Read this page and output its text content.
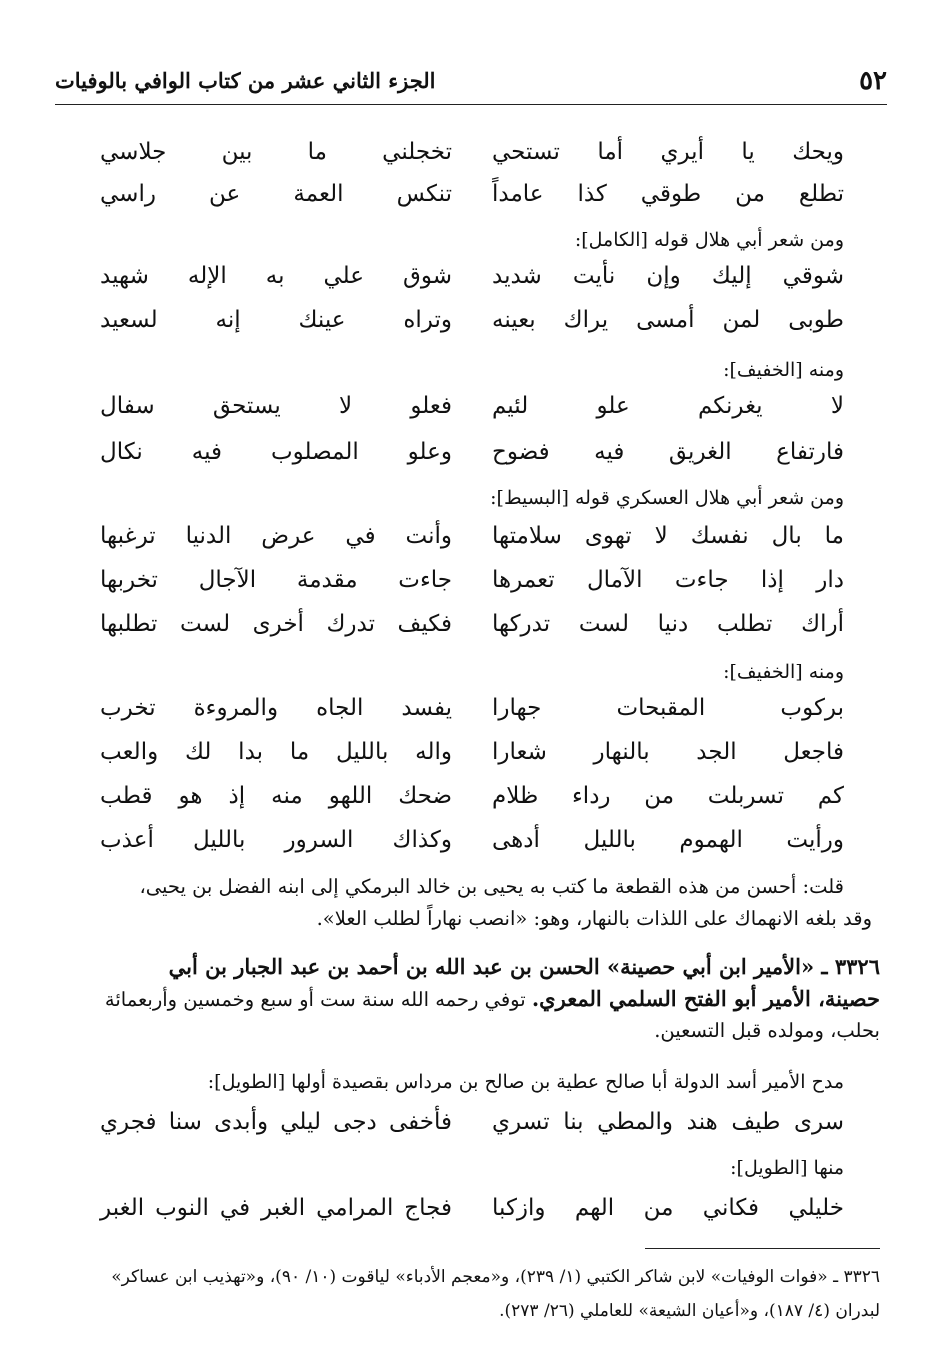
٥٢
الجزء الثاني عشر من كتاب الوافي بالوفيات
ويحك يا أيري أما تستحي
تخجلني ما بين جلاسي
تطلع من طوقي كذا عامداً
تنكس العمة عن راسي
ومن شعر أبي هلال قوله [الكامل]:
شوقي إليك وإن نأيت شديد
شوق علي به الإله شهيد
طوبى لمن أمسى يراك بعينه
وتراه عينك إنه لسعيد
ومنه [الخفيف]:
لا يغرنكم علو لئيم
فعلو لا يستحق سفال
فارتفاع الغريق فيه فضوح
وعلو المصلوب فيه نكال
ومن شعر أبي هلال العسكري قوله [البسيط]:
ما بال نفسك لا تهوى سلامتها
وأنت في عرض الدنيا ترغبها
دار إذا جاءت الآمال تعمرها
جاءت مقدمة الآجال تخربها
أراك تطلب دنيا لست تدركها
فكيف تدرك أخرى لست تطلبها
ومنه [الخفيف]:
بركوب المقبحات جهارا
يفسد الجاه والمروءة تخرب
فاجعل الجد بالنهار شعارا
واله بالليل ما بدا لك والعب
كم تسربلت من رداء ظلام
ضحك اللهو منه إذ هو قطب
ورأيت الهموم بالليل أدهى
وكذاك السرور بالليل أعذب
قلت: أحسن من هذه القطعة ما كتب به يحيى بن خالد البرمكي إلى ابنه الفضل بن يحيى،
وقد بلغه الانهماك على اللذات بالنهار، وهو: «انصب نهاراً لطلب العلا».
٣٣٢٦ ـ «الأمير ابن أبي حصينة» الحسن بن عبد الله بن أحمد بن عبد الجبار بن أبي
حصينة، الأمير أبو الفتح السلمي المعري. توفي رحمه الله سنة ست أو سبع وخمسين وأربعمائة
بحلب، ومولده قبل التسعين.
مدح الأمير أسد الدولة أبا صالح عطية بن صالح بن مرداس بقصيدة أولها [الطويل]:
سرى طيف هند والمطي بنا تسري
فأخفى دجى ليلي وأبدى سنا فجري
منها [الطويل]:
خليلي فكاني من الهم وازكبا
فجاج المرامي الغبر في النوب الغبر
٣٣٢٦ ـ «فوات الوفيات» لابن شاكر الكتبي (١/ ٢٣٩)، و«معجم الأدباء» لياقوت (١٠/ ٩٠)، و«تهذيب ابن عساكر»
لبدران (٤/ ١٨٧)، و«أعيان الشيعة» للعاملي (٢٦/ ٢٧٣).
